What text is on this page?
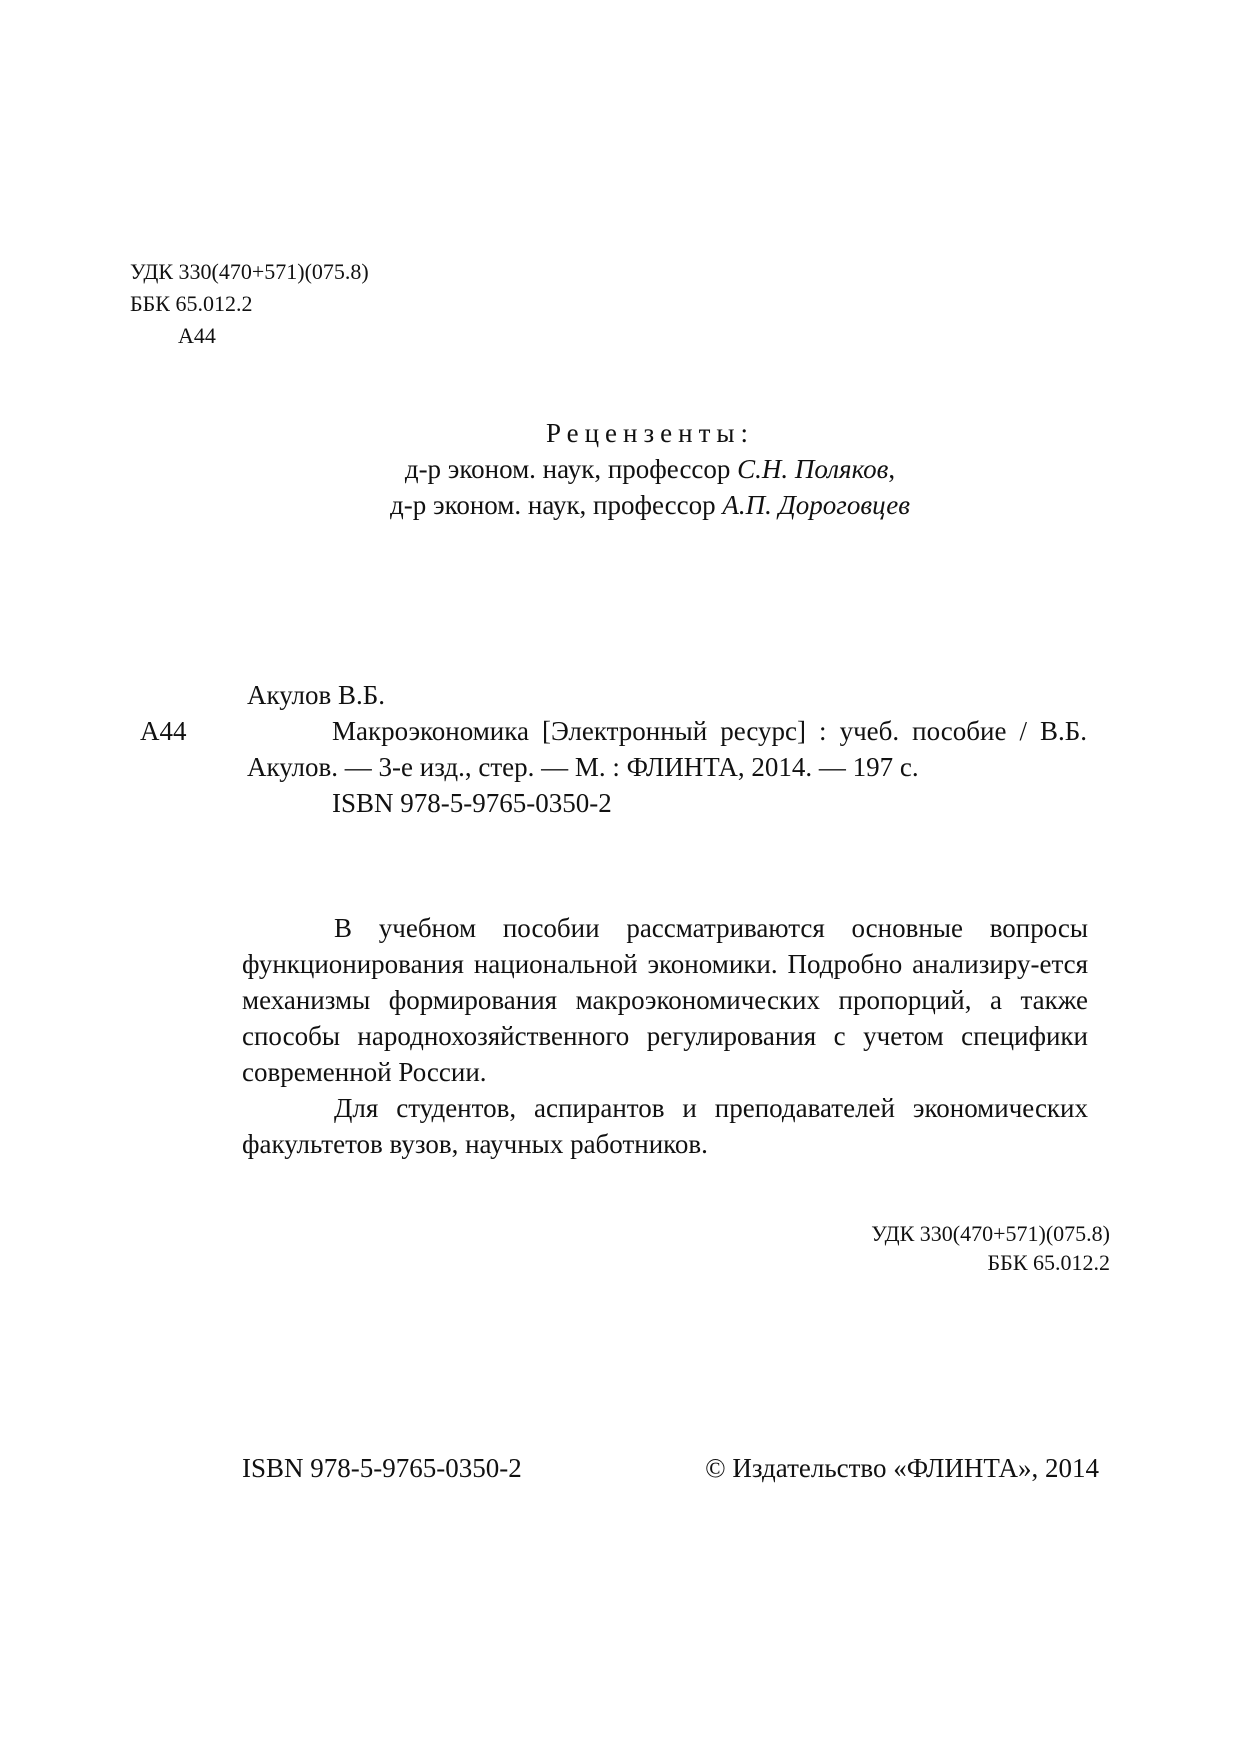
УДК 330(470+571)(075.8)
ББК 65.012.2
А44
Рецензенты:
д-р эконом. наук, профессор С.Н. Поляков,
д-р эконом. наук, профессор А.П. Дороговцев
Акулов В.Б.
А44	Макроэкономика [Электронный ресурс] : учеб. пособие / В.Б. Акулов. — 3-е изд., стер. — М. : ФЛИНТА, 2014. — 197 с.
ISBN 978-5-9765-0350-2

В учебном пособии рассматриваются основные вопросы функционирования национальной экономики. Подробно анализиру-ется механизмы формирования макроэкономических пропорций, а также способы народнохозяйственного регулирования с учетом специфики современной России.

Для студентов, аспирантов и преподавателей экономических факультетов вузов, научных работников.

УДК 330(470+571)(075.8)
ББК 65.012.2
ISBN 978-5-9765-0350-2	© Издательство «ФЛИНТА», 2014
